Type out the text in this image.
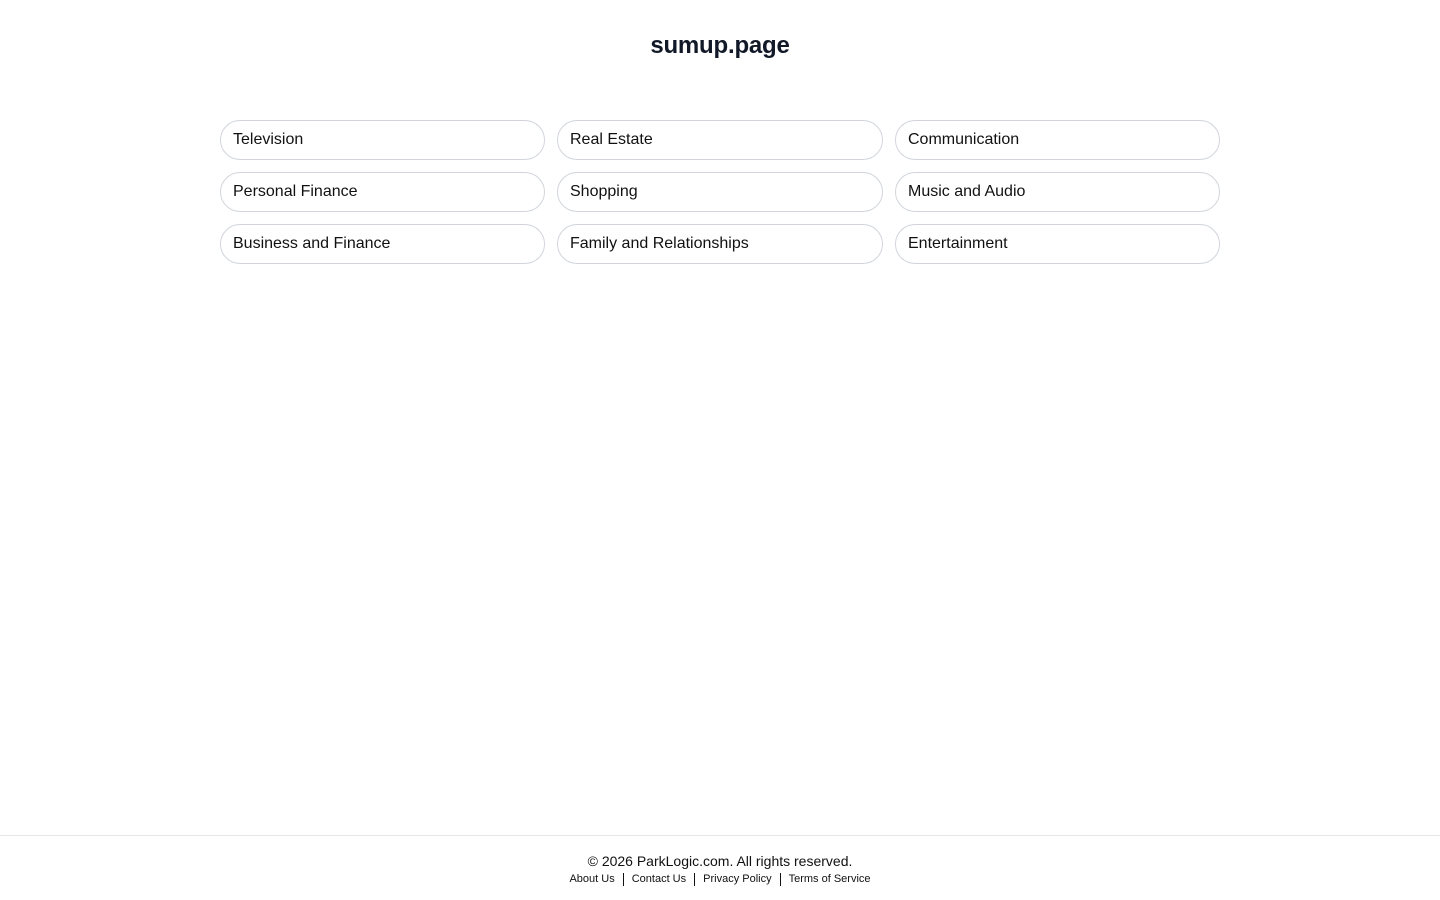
sumup.page
Television	Real Estate	Communication
Personal Finance	Shopping	Music and Audio
Business and Finance	Family and Relationships	Entertainment
© 2026 ParkLogic.com. All rights reserved.
About Us	Contact Us	Privacy Policy	Terms of Service
